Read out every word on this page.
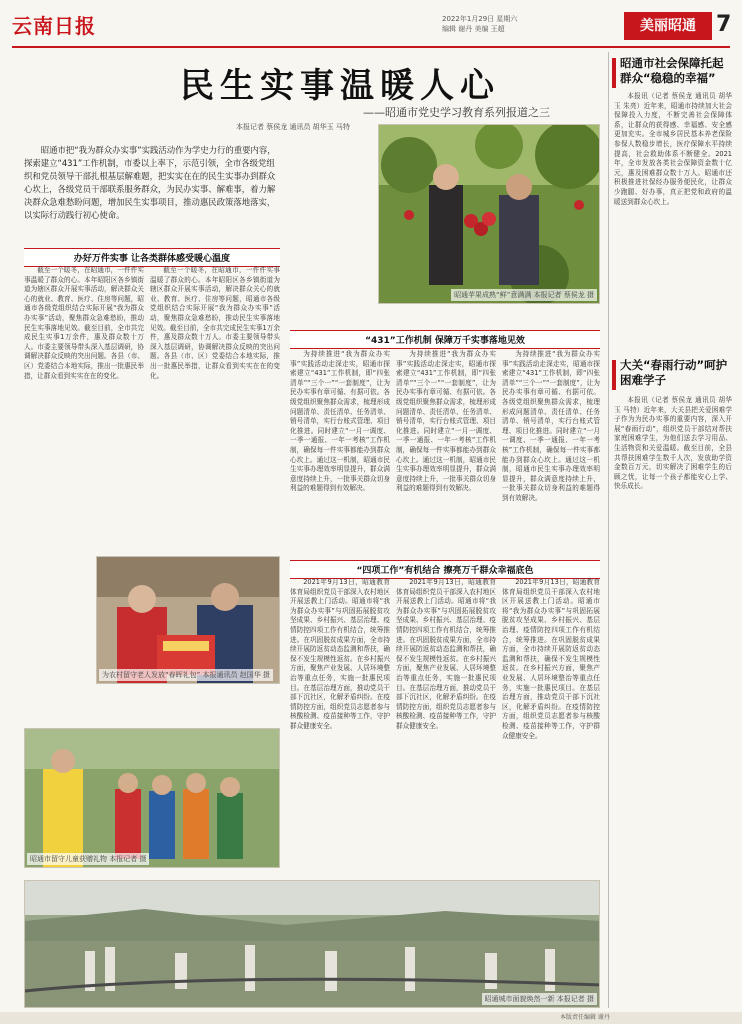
云南日报	2022年1月29日 星期六
编辑 谢丹 美编 王超	美丽昭通 7
民生实事温暖人心
——昭通市党史学习教育系列报道之三
本报记者 蔡侯龙 通讯员 胡华玉 马特
昭通市把“我为群众办实事”实践活动作为学史力行的重要内容，探索建立“431”工作机制，市委以上率下，示范引领，全市各级党组织和党员领导干部扎根基层解难题，把实实在在的民生实事办到群众心坎上，各级党员干部联系服务群众，为民办实事、解难事，着力解决群众急难愁盼问题，增加民生实事项目，推动惠民政策落地落实，以实际行动践行初心使命。
昭通苹果成熟“鲜”意满满 本报记者 蔡侯龙 摄
办好万件实事 让各类群体感受暖心温度

截至一个暖冬，在昭通市，一件件实事温暖了群众的心。本年昭阳区各乡镇街道为辖区群众开展实事活动，解决群众关心的就业、教育、医疗、住房等问题，昭通市各级党组织结合实际开展“我为群众办实事”活动，聚焦群众急难愁盼，推动民生实事落地见效。截至目前，全市共完成民生实事1万余件，惠及群众数十万人。市委主要领导带头深入基层调研，协调解决群众反映的突出问题。各县（市、区）党委结合本地实际，推出一批惠民举措，让群众看到实实在在的变化。

截至一个暖冬，在昭通市，一件件实事温暖了群众的心。本年昭阳区各乡镇街道为辖区群众开展实事活动，解决群众关心的就业、教育、医疗、住房等问题，昭通市各级党组织结合实际开展“我为群众办实事”活动，聚焦群众急难愁盼，推动民生实事落地见效。截至目前，全市共完成民生实事1万余件，惠及群众数十万人。市委主要领导带头深入基层调研，协调解决群众反映的突出问题。各县（市、区）党委结合本地实际，推出一批惠民举措，让群众看到实实在在的变化。

“431”工作机制 保障万千实事落地见效

为持续推进“我为群众办实事”实践活动走深走实，昭通市探索建立“431”工作机制，即“四张清单”“三个一”“一套制度”，让为民办实事有章可循、有据可依。各级党组织聚焦群众需求，梳理形成问题清单、责任清单、任务清单、销号清单，实行台账式管理、项目化推进。同时建立“一月一调度、一季一通报、一年一考核”工作机制，确保每一件实事都能办到群众心坎上。通过这一机制，昭通市民生实事办理效率明显提升，群众满意度持续上升，一批事关群众切身利益的难题得到有效解决。

为持续推进“我为群众办实事”实践活动走深走实，昭通市探索建立“431”工作机制，即“四张清单”“三个一”“一套制度”，让为民办实事有章可循、有据可依。各级党组织聚焦群众需求，梳理形成问题清单、责任清单、任务清单、销号清单，实行台账式管理、项目化推进。同时建立“一月一调度、一季一通报、一年一考核”工作机制，确保每一件实事都能办到群众心坎上。通过这一机制，昭通市民生实事办理效率明显提升，群众满意度持续上升，一批事关群众切身利益的难题得到有效解决。

为持续推进“我为群众办实事”实践活动走深走实，昭通市探索建立“431”工作机制，即“四张清单”“三个一”“一套制度”，让为民办实事有章可循、有据可依。各级党组织聚焦群众需求，梳理形成问题清单、责任清单、任务清单、销号清单，实行台账式管理、项目化推进。同时建立“一月一调度、一季一通报、一年一考核”工作机制，确保每一件实事都能办到群众心坎上。通过这一机制，昭通市民生实事办理效率明显提升，群众满意度持续上升，一批事关群众切身利益的难题得到有效解决。

为农村留守老人发放“春晖礼包” 本报通讯员 赵国华 摄
昭通市留守儿童获赠礼物 本报记者 摄
“四项工作”有机结合 擦亮万千群众幸福底色

2021年9月13日，昭通教育体育局组织党员干部深入农村地区开展送教上门活动。昭通市将“我为群众办实事”与巩固拓展脱贫攻坚成果、乡村振兴、基层治理、疫情防控四项工作有机结合，统筹推进。在巩固脱贫成果方面，全市持续开展防返贫动态监测和帮扶，确保不发生规模性返贫。在乡村振兴方面，聚焦产业发展、人居环境整治等重点任务，实施一批惠民项目。在基层治理方面，推动党员干部下沉社区，化解矛盾纠纷。在疫情防控方面，组织党员志愿者参与核酸检测、疫苗接种等工作，守护群众健康安全。

2021年9月13日，昭通教育体育局组织党员干部深入农村地区开展送教上门活动。昭通市将“我为群众办实事”与巩固拓展脱贫攻坚成果、乡村振兴、基层治理、疫情防控四项工作有机结合，统筹推进。在巩固脱贫成果方面，全市持续开展防返贫动态监测和帮扶，确保不发生规模性返贫。在乡村振兴方面，聚焦产业发展、人居环境整治等重点任务，实施一批惠民项目。在基层治理方面，推动党员干部下沉社区，化解矛盾纠纷。在疫情防控方面，组织党员志愿者参与核酸检测、疫苗接种等工作，守护群众健康安全。

2021年9月13日，昭通教育体育局组织党员干部深入农村地区开展送教上门活动。昭通市将“我为群众办实事”与巩固拓展脱贫攻坚成果、乡村振兴、基层治理、疫情防控四项工作有机结合，统筹推进。在巩固脱贫成果方面，全市持续开展防返贫动态监测和帮扶，确保不发生规模性返贫。在乡村振兴方面，聚焦产业发展、人居环境整治等重点任务，实施一批惠民项目。在基层治理方面，推动党员干部下沉社区，化解矛盾纠纷。在疫情防控方面，组织党员志愿者参与核酸检测、疫苗接种等工作，守护群众健康安全。

昭通城市面貌焕然一新 本报记者 摄
昭通市社会保障托起群众“稳稳的幸福”

本报讯（记者 蔡侯龙 通讯员 胡华玉 朱亮）近年来，昭通市持续加大社会保障投入力度，不断完善社会保障体系，让群众的获得感、幸福感、安全感更加充实。全市城乡居民基本养老保险参保人数稳步增长，医疗保障水平持续提高，社会救助体系不断健全。2021年，全市发放各类社会保障资金数十亿元，惠及困难群众数十万人。昭通市还积极推进社保经办服务便民化，让群众少跑腿、好办事，真正把党和政府的温暖送到群众心坎上。

大关“春雨行动”呵护困难学子

本报讯（记者 蔡侯龙 通讯员 胡华玉 马特）近年来，大关县把关爱困难学子作为为民办实事的重要内容，深入开展“春雨行动”，组织党员干部结对帮扶家庭困难学生，为他们送去学习用品、生活物资和关爱温暖。截至目前，全县共帮扶困难学生数千人次，发放助学资金数百万元，切实解决了困难学生的后顾之忧，让每一个孩子都能安心上学、快乐成长。

本版责任编辑 谢丹
